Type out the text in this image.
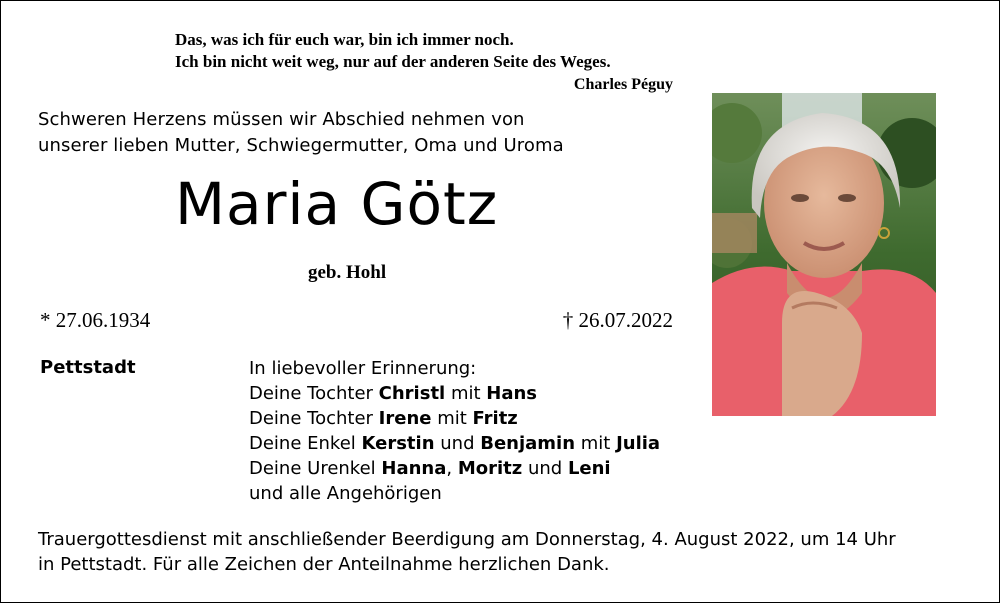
Das, was ich für euch war, bin ich immer noch.
Ich bin nicht weit weg, nur auf der anderen Seite des Weges.
Charles Péguy
Schweren Herzens müssen wir Abschied nehmen von
unserer lieben Mutter, Schwiegermutter, Oma und Uroma
Maria Götz
geb. Hohl
* 27.06.1934	† 26.07.2022
Pettstadt	In liebevoller Erinnerung:
Deine Tochter Christl mit Hans
Deine Tochter Irene mit Fritz
Deine Enkel Kerstin und Benjamin mit Julia
Deine Urenkel Hanna, Moritz und Leni
und alle Angehörigen
Trauergottesdienst mit anschließender Beerdigung am Donnerstag, 4. August 2022, um 14 Uhr
in Pettstadt. Für alle Zeichen der Anteilnahme herzlichen Dank.
